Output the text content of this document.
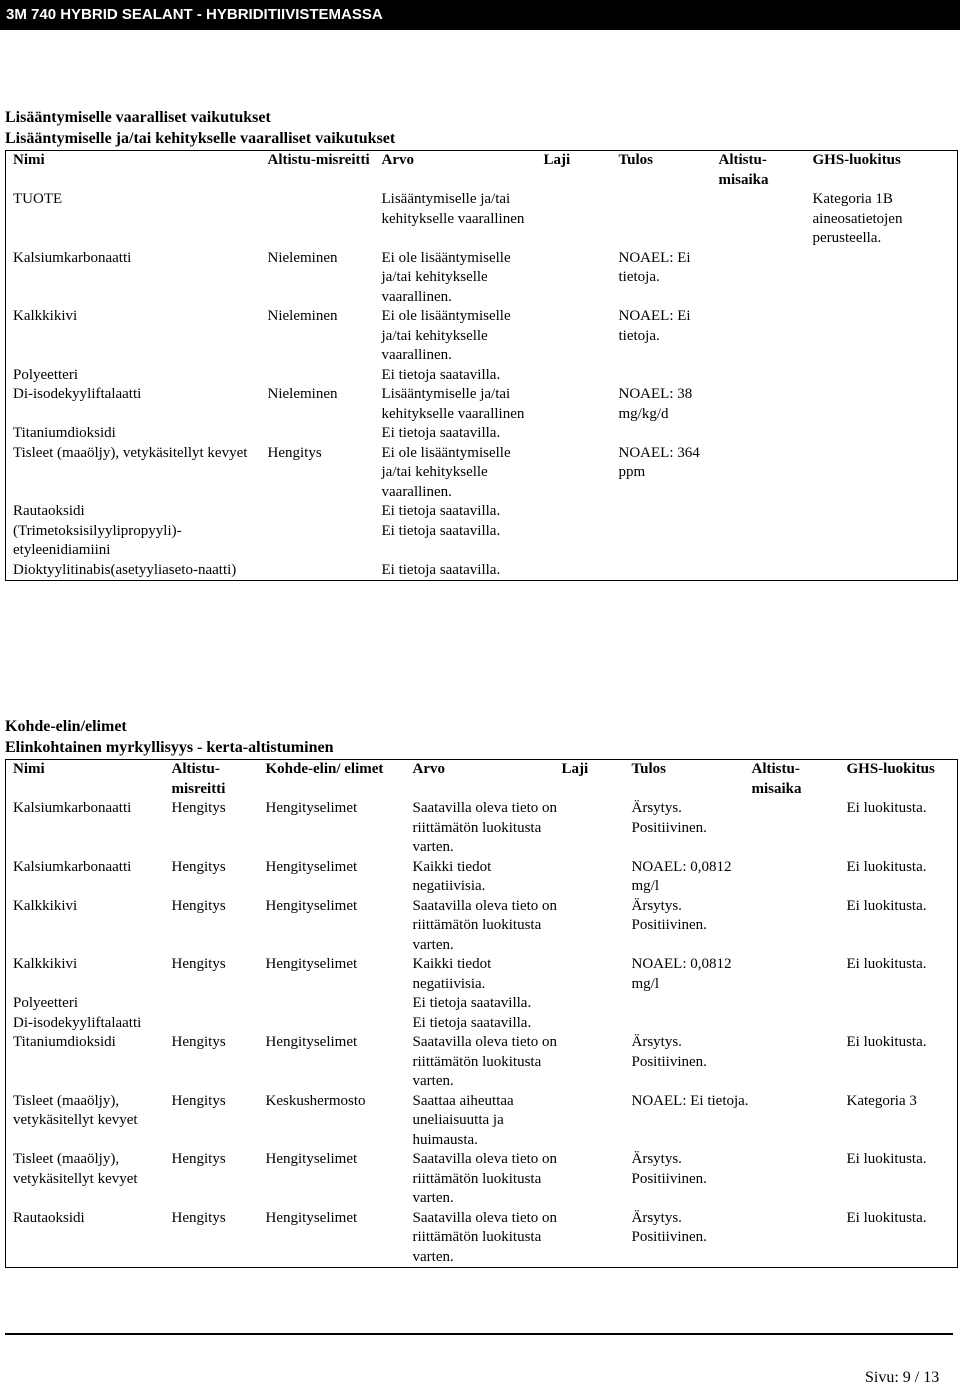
3M 740 HYBRID SEALANT - HYBRIDITIIVISTEMASSA
Lisääntymiselle vaaralliset vaikutukset
Lisääntymiselle ja/tai kehitykselle vaaralliset vaikutukset
Nimi	Altistu-misreitti	Arvo	Laji	Tulos	Altistu-misaika	GHS-luokitus
TUOTE		Lisääntymiselle ja/tai kehitykselle vaarallinen				Kategoria 1B aineosatietojen perusteella.
Kalsiumkarbonaatti	Nieleminen	Ei ole lisääntymiselle ja/tai kehitykselle vaarallinen.		NOAEL: Ei tietoja.		
Kalkkikivi	Nieleminen	Ei ole lisääntymiselle ja/tai kehitykselle vaarallinen.		NOAEL: Ei tietoja.		
Polyeetteri		Ei tietoja saatavilla.				
Di-isodekyyliftalaatti	Nieleminen	Lisääntymiselle ja/tai kehitykselle vaarallinen		NOAEL: 38 mg/kg/d		
Titaniumdioksidi		Ei tietoja saatavilla.				
Tisleet (maaöljy), vetykäsitellyt kevyet	Hengitys	Ei ole lisääntymiselle ja/tai kehitykselle vaarallinen.		NOAEL: 364 ppm		
Rautaoksidi		Ei tietoja saatavilla.				
(Trimetoksisilyylipropyyli)-etyleenidiamiini		Ei tietoja saatavilla.				
Dioktyylitinabis(asetyyliaseto-naatti)		Ei tietoja saatavilla.				
Kohde-elin/elimet
Elinkohtainen myrkyllisyys - kerta-altistuminen
Nimi	Altistu-misreitti	Kohde-elin/ elimet	Arvo	Laji	Tulos	Altistu-misaika	GHS-luokitus
Kalsiumkarbonaatti	Hengitys	Hengityselimet	Saatavilla oleva tieto on riittämätön luokitusta varten.		Ärsytys. Positiivinen.		Ei luokitusta.
Kalsiumkarbonaatti	Hengitys	Hengityselimet	Kaikki tiedot negatiivisia.		NOAEL: 0,0812 mg/l		Ei luokitusta.
Kalkkikivi	Hengitys	Hengityselimet	Saatavilla oleva tieto on riittämätön luokitusta varten.		Ärsytys. Positiivinen.		Ei luokitusta.
Kalkkikivi	Hengitys	Hengityselimet	Kaikki tiedot negatiivisia.		NOAEL: 0,0812 mg/l		Ei luokitusta.
Polyeetteri			Ei tietoja saatavilla.				
Di-isodekyyliftalaatti			Ei tietoja saatavilla.				
Titaniumdioksidi	Hengitys	Hengityselimet	Saatavilla oleva tieto on riittämätön luokitusta varten.		Ärsytys. Positiivinen.		Ei luokitusta.
Tisleet (maaöljy), vetykäsitellyt kevyet	Hengitys	Keskushermosto	Saattaa aiheuttaa uneliaisuutta ja huimausta.		NOAEL: Ei tietoja.		Kategoria 3
Tisleet (maaöljy), vetykäsitellyt kevyet	Hengitys	Hengityselimet	Saatavilla oleva tieto on riittämätön luokitusta varten.		Ärsytys. Positiivinen.		Ei luokitusta.
Rautaoksidi	Hengitys	Hengityselimet	Saatavilla oleva tieto on riittämätön luokitusta varten.		Ärsytys. Positiivinen.		Ei luokitusta.
Sivu: 9 / 13
